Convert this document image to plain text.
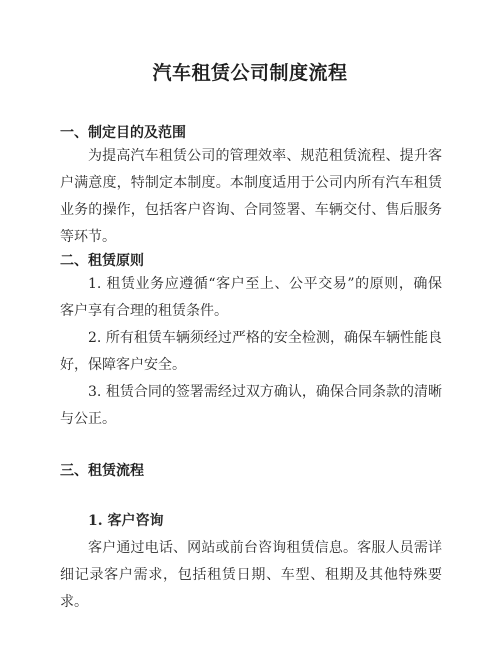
汽车租赁公司制度流程
一、制定目的及范围

为提高汽车租赁公司的管理效率、规范租赁流程、提升客户满意度，特制定本制度。本制度适用于公司内所有汽车租赁业务的操作，包括客户咨询、合同签署、车辆交付、售后服务等环节。

二、租赁原则

1. 租赁业务应遵循“客户至上、公平交易”的原则，确保客户享有合理的租赁条件。

2. 所有租赁车辆须经过严格的安全检测，确保车辆性能良好，保障客户安全。

3. 租赁合同的签署需经过双方确认，确保合同条款的清晰与公正。

三、租赁流程

1. 客户咨询

客户通过电话、网站或前台咨询租赁信息。客服人员需详细记录客户需求，包括租赁日期、车型、租期及其他特殊要求。
